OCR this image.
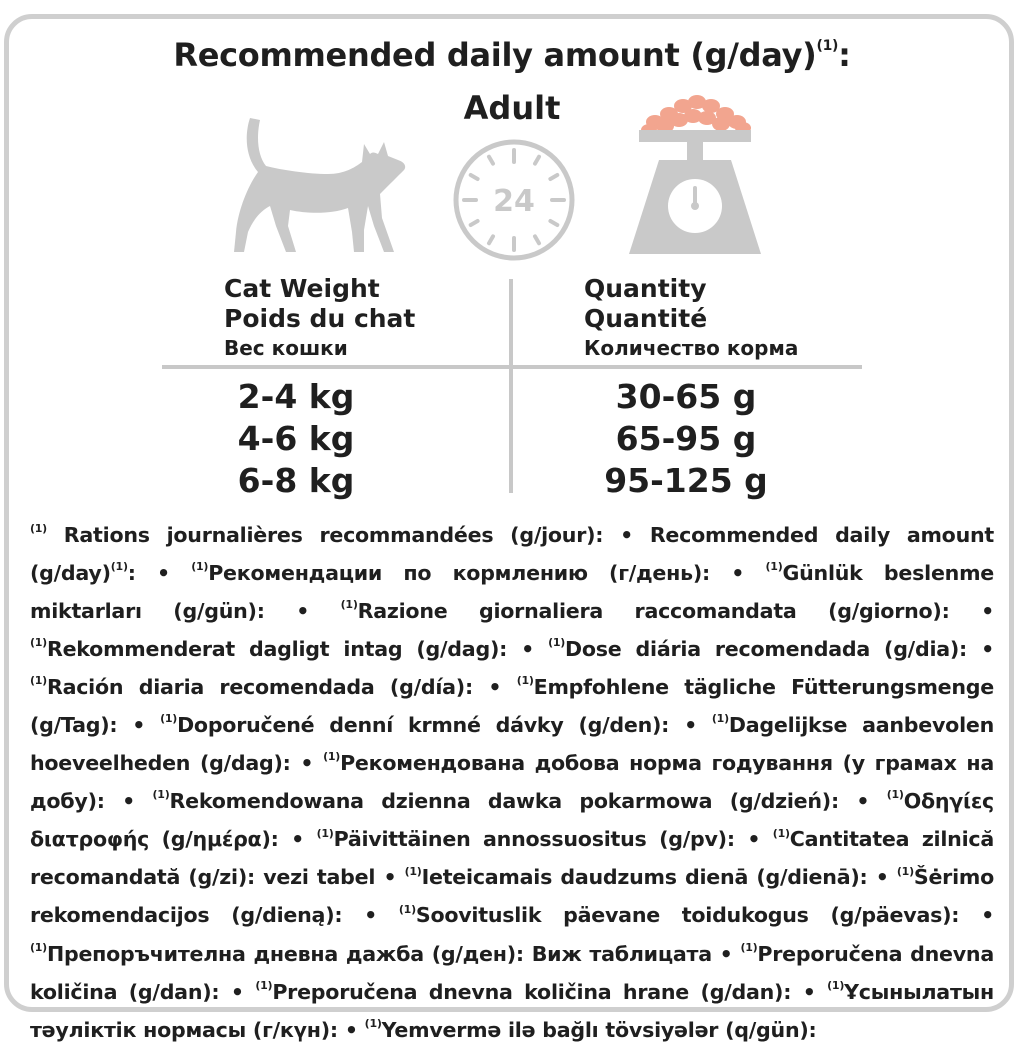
Recommended daily amount $(g/day)^{(1)}$:
Adult
24
Cat Weight
Poids du chat
Вес кошки
Quantity
Quantité
Количество корма
2-4 kg
4-6 kg
6-8 kg
30-65 g
65-95 g
95-125 g
$^{(1)}$ Rations journalières recommandées (g/jour): • Recommended daily amount $(g/day)^{(1)}$: • $^{(1)}$Рекомендации по кормлению (г/день): • $^{(1)}$Günlük beslenme miktarları (g/gün): • $^{(1)}$Razione giornaliera raccomandata (g/giorno): • $^{(1)}$Rekommenderat dagligt intag (g/dag): • $^{(1)}$Dose diária recomendada (g/dia): • $^{(1)}$Ración diaria recomendada (g/día): • $^{(1)}$Empfohlene tägliche Fütterungsmenge (g/Tag): • $^{(1)}$Doporučené denní krmné dávky (g/den): • $^{(1)}$Dagelijkse aanbevolen hoeveelheden (g/dag): • $^{(1)}$Рекомендована добова норма годування (у грамах на добу): • $^{(1)}$Rekomendowana dzienna dawka pokarmowa (g/dzień): • $^{(1)}$Οδηγίες διατροφής (g/ημέρα): • $^{(1)}$Päivittäinen annossuositus (g/pv): • $^{(1)}$Cantitatea zilnică recomandată (g/zi): vezi tabel • $^{(1)}$Ieteicamais daudzums dienā (g/dienā): • $^{(1)}$Šėrimo rekomendacijos (g/dieną): • $^{(1)}$Soovituslik päevane toidukogus (g/päevas): • $^{(1)}$Препоръчителна дневна дажба (g/ден): Виж таблицата • $^{(1)}$Preporučena dnevna količina (g/dan): • $^{(1)}$Preporučena dnevna količina hrane (g/dan): • $^{(1)}$Ұсынылатын тәуліктік нормасы (г/күн): • $^{(1)}$Yemvermə ilə bağlı tövsiyələr (q/gün):
